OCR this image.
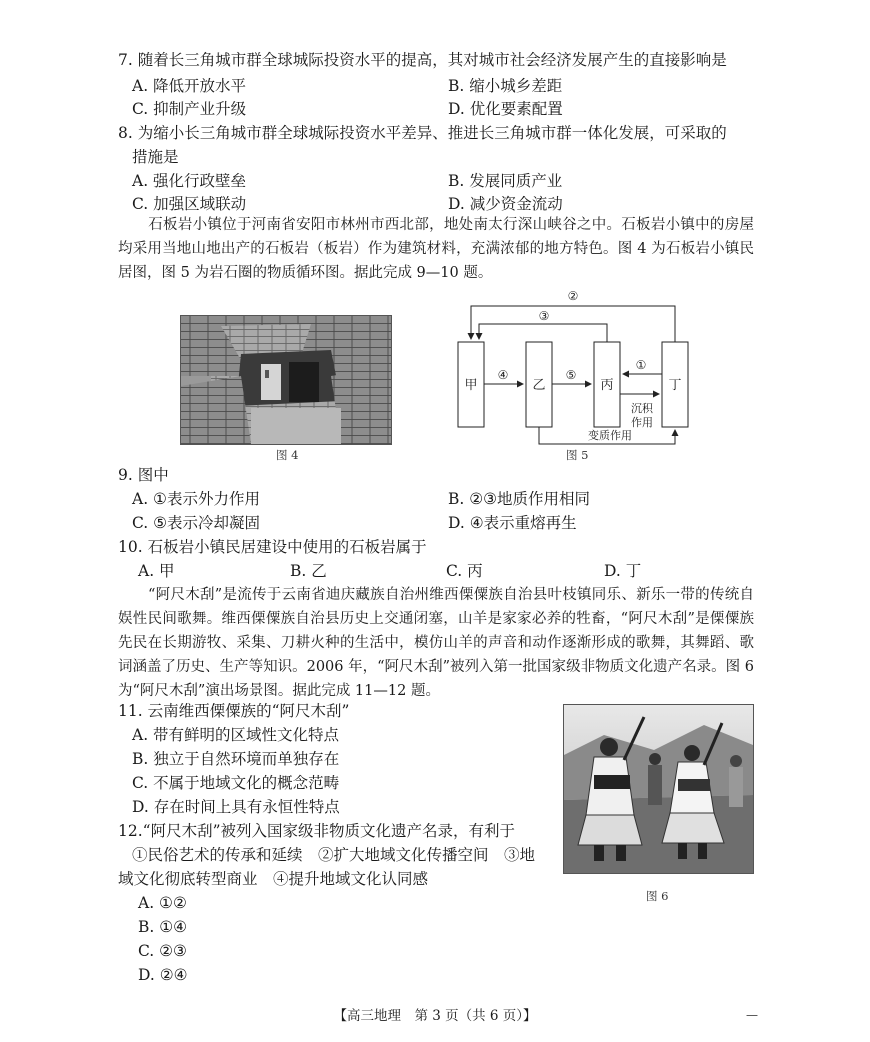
7. 随着长三角城市群全球城际投资水平的提高，其对城市社会经济发展产生的直接影响是
A. 降低开放水平	B. 缩小城乡差距
C. 抑制产业升级	D. 优化要素配置
8. 为缩小长三角城市群全球城际投资水平差异、推进长三角城市群一体化发展，可采取的
措施是
A. 强化行政壁垒	B. 发展同质产业
C. 加强区域联动	D. 减少资金流动
石板岩小镇位于河南省安阳市林州市西北部，地处南太行深山峡谷之中。石板岩小镇中的房屋均采用当地山地出产的石板岩（板岩）作为建筑材料，充满浓郁的地方特色。图 4 为石板岩小镇民居图，图 5 为岩石圈的物质循环图。据此完成 9—10 题。
图 4
甲	乙	丙	丁
②
③
④	⑤
①
沉积
作用
变质作用
图 5
9. 图中
A. ①表示外力作用	B. ②③地质作用相同
C. ⑤表示冷却凝固	D. ④表示重熔再生
10. 石板岩小镇民居建设中使用的石板岩属于
A. 甲	B. 乙	C. 丙	D. 丁
“阿尺木刮”是流传于云南省迪庆藏族自治州维西傈僳族自治县叶枝镇同乐、新乐一带的传统自娱性民间歌舞。维西傈僳族自治县历史上交通闭塞，山羊是家家必养的牲畜，“阿尺木刮”是傈僳族先民在长期游牧、采集、刀耕火种的生活中，模仿山羊的声音和动作逐渐形成的歌舞，其舞蹈、歌词涵盖了历史、生产等知识。2006 年，“阿尺木刮”被列入第一批国家级非物质文化遗产名录。图 6 为“阿尺木刮”演出场景图。据此完成 11—12 题。
11. 云南维西傈僳族的“阿尺木刮”
A. 带有鲜明的区域性文化特点
B. 独立于自然环境而单独存在
C. 不属于地域文化的概念范畴
D. 存在时间上具有永恒性特点
图 6
12.“阿尺木刮”被列入国家级非物质文化遗产名录，有利于
①民俗艺术的传承和延续　②扩大地域文化传播空间　③地
域文化彻底转型商业　④提升地域文化认同感
A. ①②
B. ①④
C. ②③
D. ②④
【高三地理　第 3 页（共 6 页）】	—
